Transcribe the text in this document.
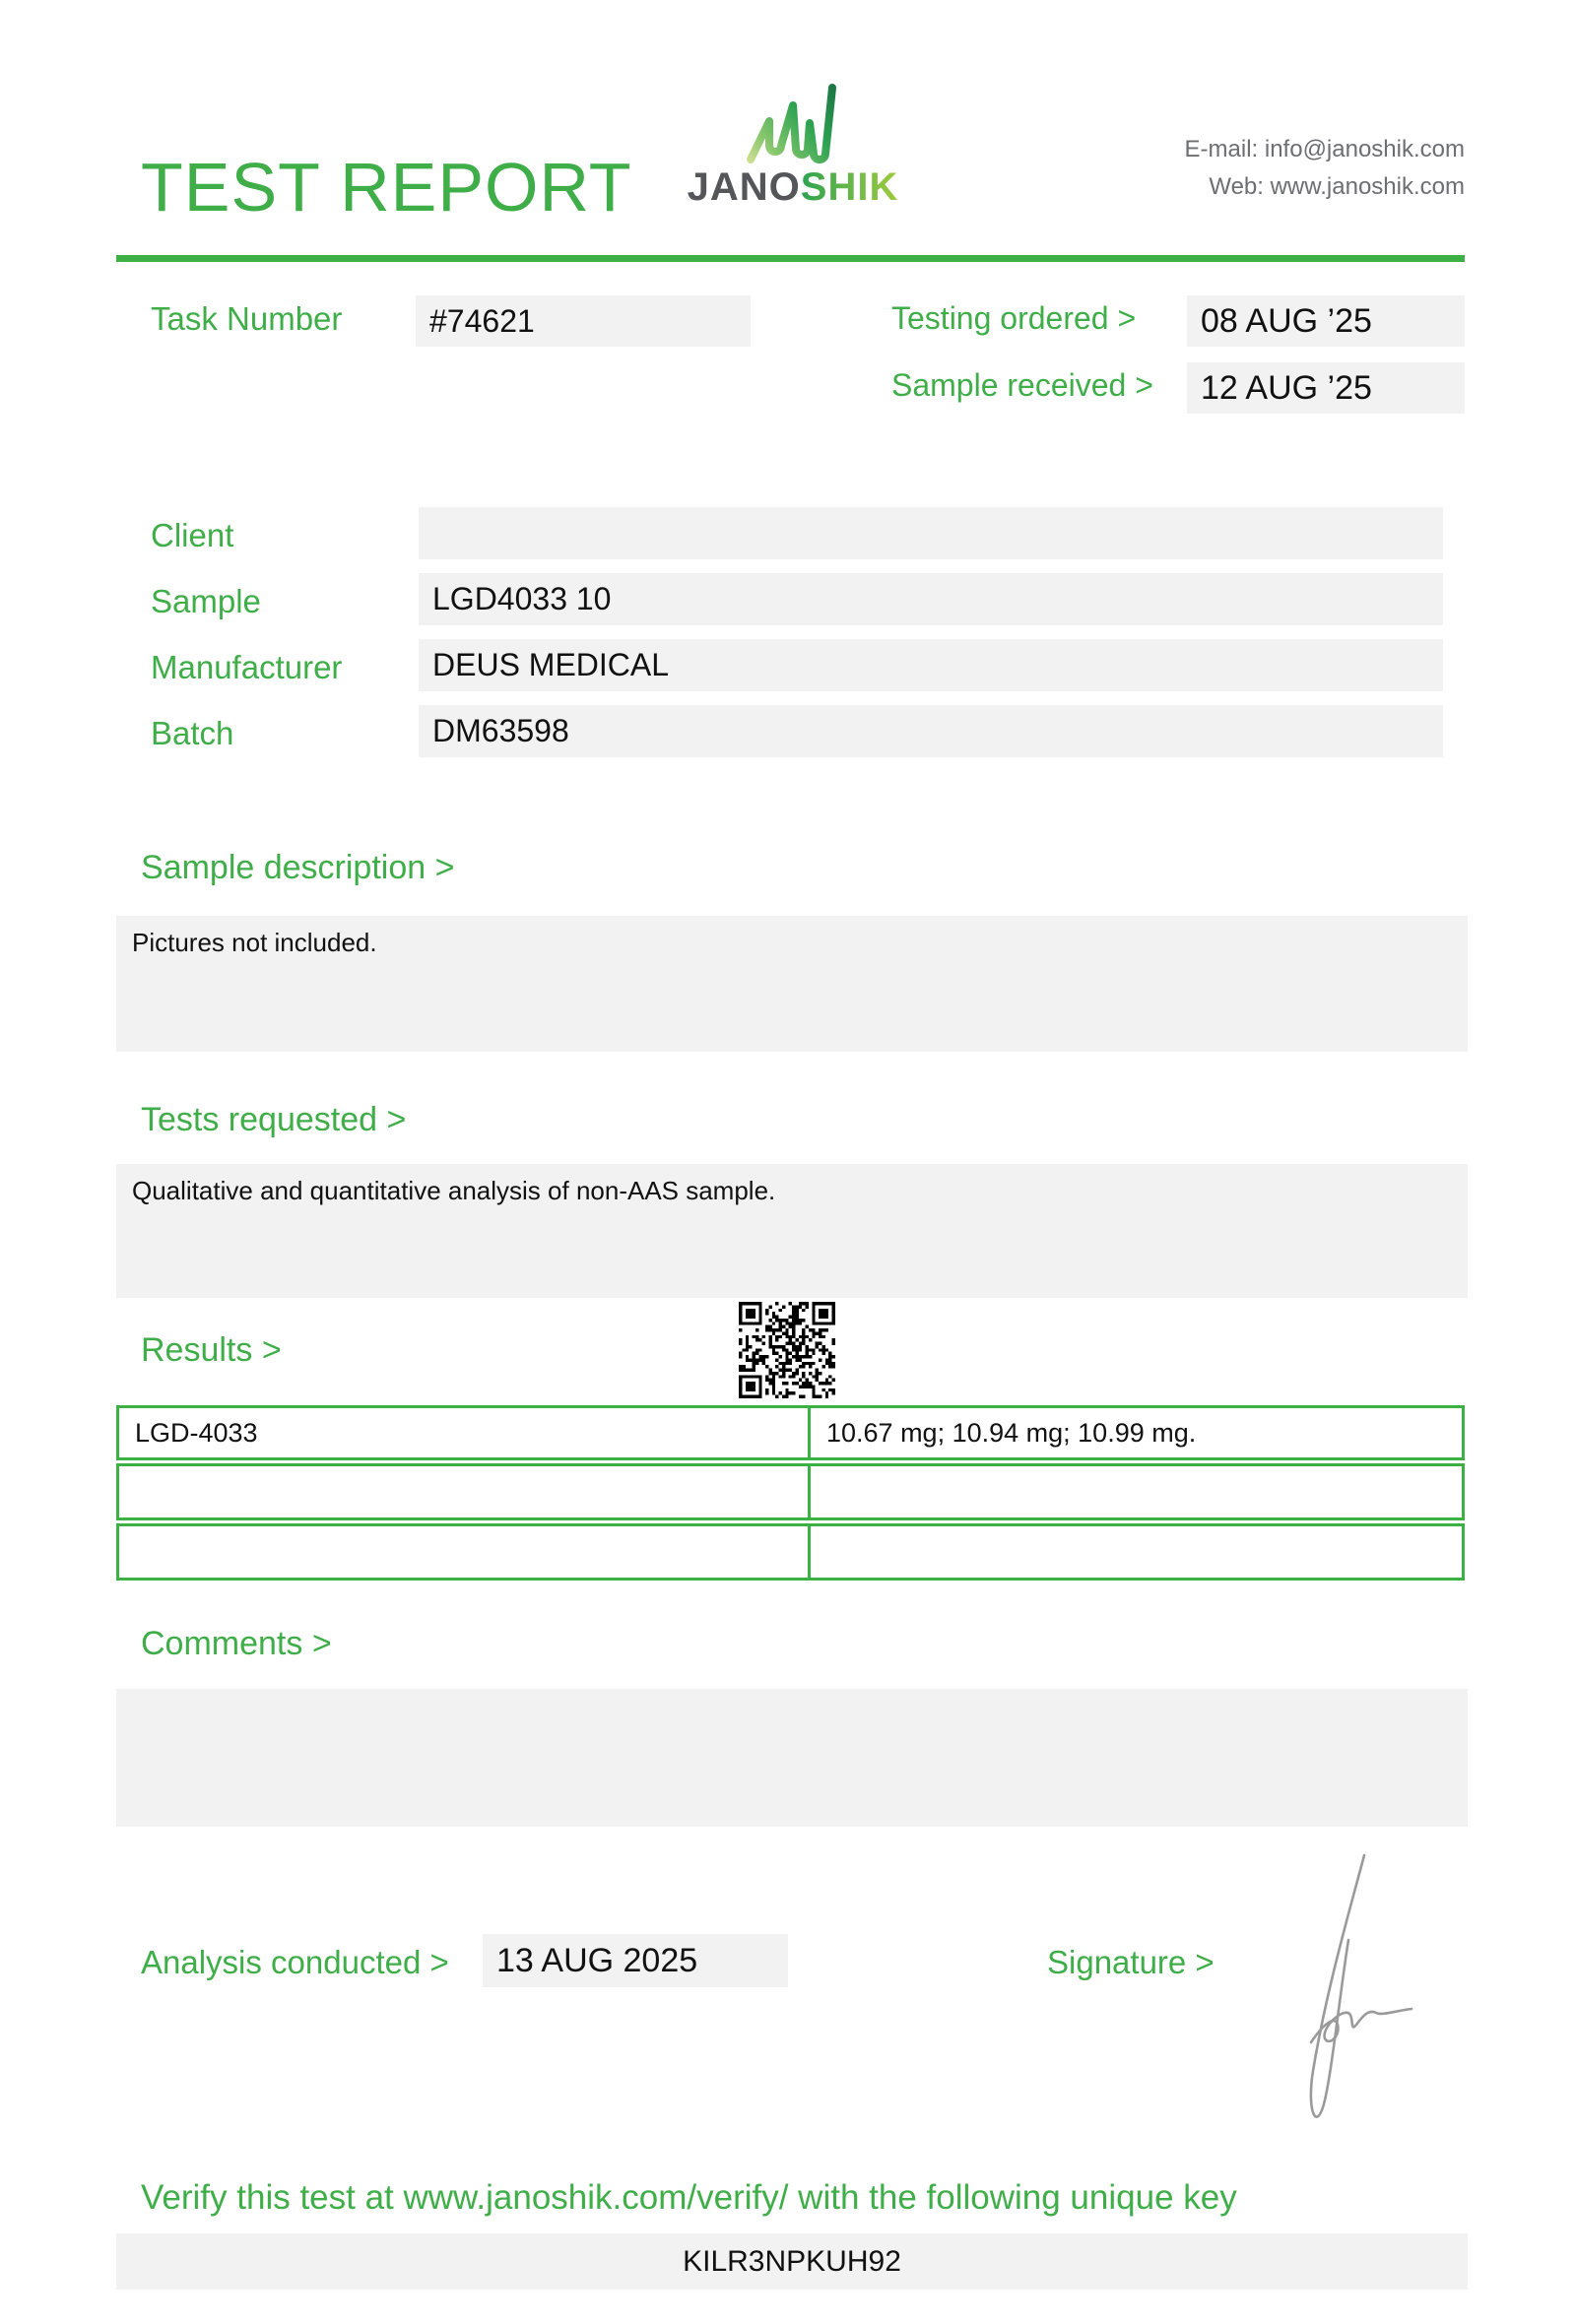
TEST REPORT JANOSHIK
E-mail: info@janoshik.com
Web: www.janoshik.com
Task Number	#74621	Testing ordered >	08 AUG ’25
Sample received >	12 AUG ’25
Client
Sample	LGD4033 10
Manufacturer	DEUS MEDICAL
Batch	DM63598
Sample description >
Pictures not included.
Tests requested >
Qualitative and quantitative analysis of non-AAS sample.
Results >
LGD-4033	10.67 mg; 10.94 mg; 10.99 mg.
Comments >
Analysis conducted >	13 AUG 2025	Signature >
Verify this test at www.janoshik.com/verify/ with the following unique key
KILR3NPKUH92
